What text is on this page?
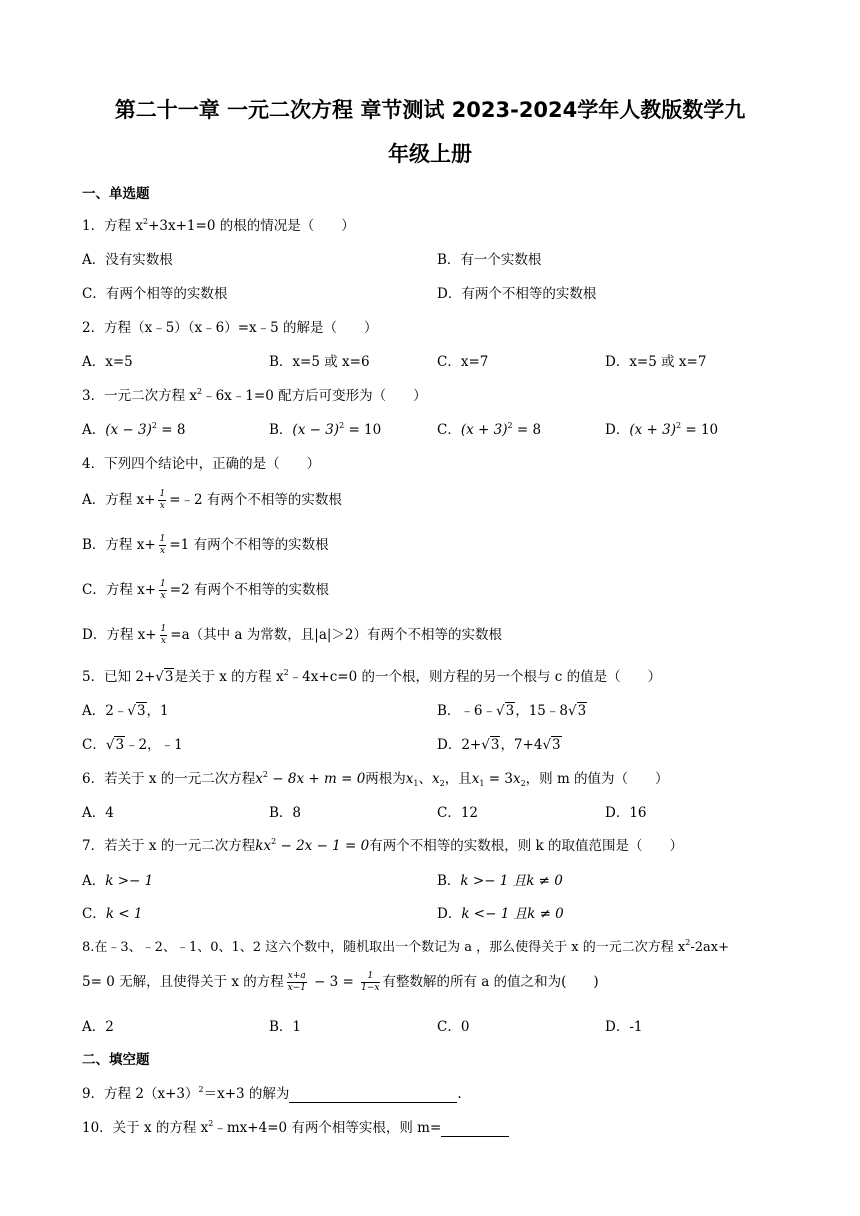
第二十一章 一元二次方程 章节测试 2023-2024学年人教版数学九
年级上册
一、单选题
1．方程 $x^2+3x+1=0$ 的根的情况是（　　）
A．没有实数根	B．有一个实数根
C．有两个相等的实数根	D．有两个不相等的实数根
2．方程（x﹣5）（x﹣6）=x﹣5 的解是（　　）
A．x=5	B．x=5 或 x=6	C．x=7	D．x=5 或 x=7
3．一元二次方程 $x^2﹣6x﹣1=0$ 配方后可变形为（　　）
A．$(x - 3)^2 = 8$	B．$(x - 3)^2 = 10$	C．$(x + 3)^2 = 8$	D．$(x + 3)^2 = 10$
4．下列四个结论中，正确的是（　　）
A．方程 $x+ \frac{1}{x}$ =﹣2 有两个不相等的实数根
B．方程 $x+ \frac{1}{x} =1$ 有两个不相等的实数根
C．方程 $x+ \frac{1}{x} =2$ 有两个不相等的实数根
D．方程 $x+ \frac{1}{x} =a$（其中 a 为常数，且|a|＞2）有两个不相等的实数根
5．已知 2+√3是关于 x 的方程 $x^2﹣4x+c=0$ 的一个根，则方程的另一个根与 c 的值是（　　）
A．2﹣√3，1	B．﹣6﹣√3，15﹣8√3
C．√3﹣2，﹣1	D．2+√3，7+4√3
6．若关于 x 的一元二次方程$x^2 - 8x + m = 0$两根为$x_1$、$x_2$，且$x_1 = 3x_2$，则 m 的值为（　　）
A．4	B．8	C．12	D．16
7．若关于 x 的一元二次方程$kx^2 - 2x - 1 = 0$有两个不相等的实数根，则 k 的取值范围是（　　）
A．k >− 1	B．k >− 1 且k ≠ 0
C．k < 1	D．k <− 1 且k ≠ 0
8.在﹣3、﹣2、﹣1、0、1、2 这六个数中，随机取出一个数记为 a ，那么使得关于 x 的一元二次方程 $x^2-2ax+$
5= 0 无解，且使得关于 x 的方程 $\frac{x+a}{x-1} - 3 = \frac{1}{1-x}$ 有整数解的所有 a 的值之和为(　　)
A．2	B．1	C．0	D．-1
二、填空题
9．方程 $2(x+3)^2=x+3$ 的解为	.
10．关于 x 的方程 $x^2﹣mx+4=0$ 有两个相等实根，则 m=
